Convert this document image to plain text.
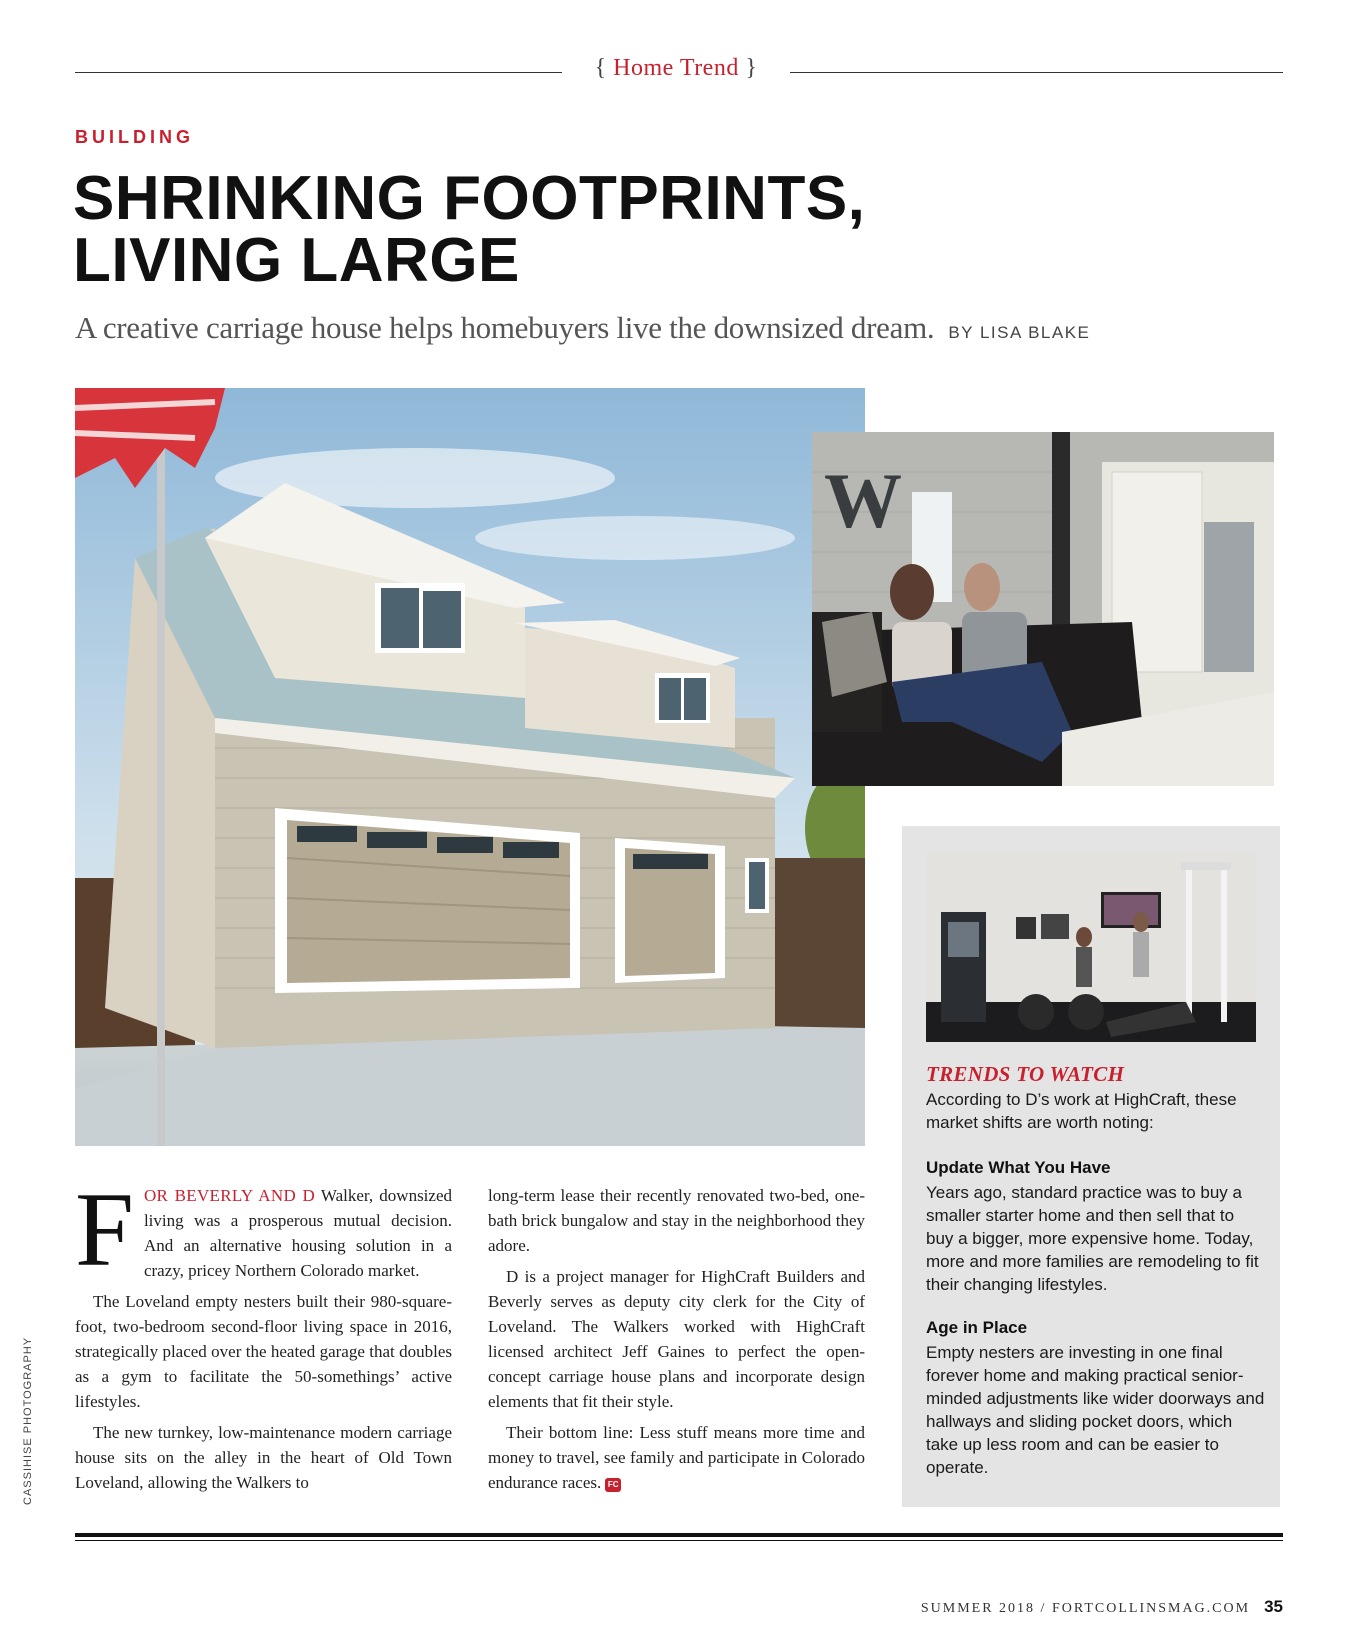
{ Home Trend }
BUILDING
SHRINKING FOOTPRINTS,
LIVING LARGE
A creative carriage house helps homebuyers live the downsized dream. BY LISA BLAKE
W
TRENDS TO WATCH
According to D’s work at HighCraft, these market shifts are worth noting:
Update What You Have
Years ago, standard practice was to buy a smaller starter home and then sell that to buy a bigger, more expensive home. Today, more and more families are remodeling to fit their changing lifestyles.
Age in Place
Empty nesters are investing in one final forever home and making practical senior-minded adjustments like wider doorways and hallways and sliding pocket doors, which take up less room and can be easier to operate.

FOR BEVERLY AND D Walker, downsized living was a prosperous mutual decision. And an alternative housing solution in a crazy, pricey Northern Colorado market.

The Loveland empty nesters built their 980-square-foot, two-bedroom second-floor living space in 2016, strategically placed over the heated garage that doubles as a gym to facilitate the 50-somethings’ active lifestyles.

The new turnkey, low-maintenance modern carriage house sits on the alley in the heart of Old Town Loveland, allowing the Walkers to

long-term lease their recently renovated two-bed, one-bath brick bungalow and stay in the neighborhood they adore.

D is a project manager for HighCraft Builders and Beverly serves as deputy city clerk for the City of Loveland. The Walkers worked with HighCraft licensed architect Jeff Gaines to perfect the open-concept carriage house plans and incorporate design elements that fit their style.

Their bottom line: Less stuff means more time and money to travel, see family and participate in Colorado endurance races. FC

CASSIHISE PHOTOGRAPHY
SUMMER 2018 / FORTCOLLINSMAG.COM 35
